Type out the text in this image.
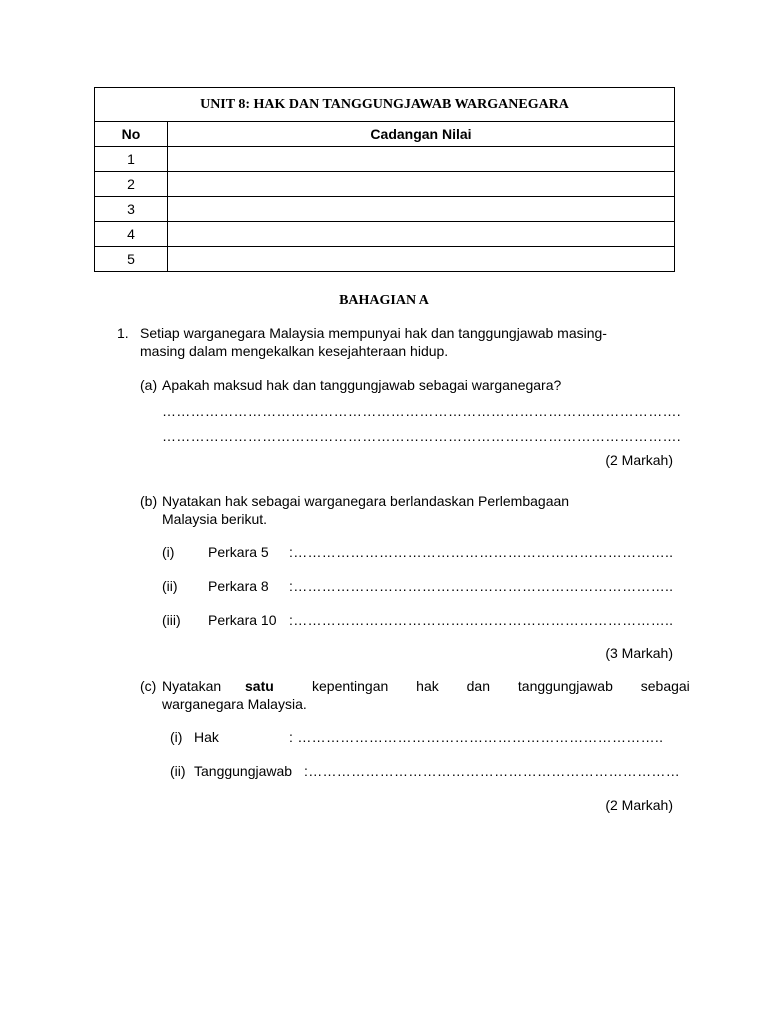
UNIT 8: HAK DAN TANGGUNGJAWAB WARGANEGARA	
No	Cadangan Nilai
1	
2	
3	
4	
5	
BAHAGIAN A
1. Setiap warganegara Malaysia mempunyai hak dan tanggungjawab masing-
masing dalam mengekalkan kesejahteraan hidup.
(a) Apakah maksud hak dan tanggungjawab sebagai warganegara?
……………………………………………………………………………………………….
……………………………………………………………………………………………….
(2 Markah)
(b) Nyatakan hak sebagai warganegara berlandaskan Perlembagaan
Malaysia berikut.
(i) Perkara 5 :……………………………………………………………………..
(ii) Perkara 8 :……………………………………………………………………..
(iii) Perkara 10 :……………………………………………………………………..
(3 Markah)
(c) Nyatakan satu	kepentingan hak dan tanggungjawab sebagai
warganegara Malaysia.
(i) Hak	: …………………………………………………………………..
(ii) Tanggungjawab :……………………………………………………………………
(2 Markah)
